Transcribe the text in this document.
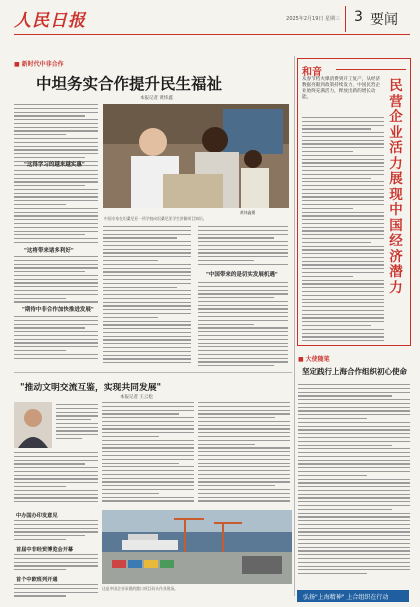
人民日报	2025年2月19日 星期三 3 要闻
■ 新时代中非合作
中坦务实合作提升民生福祉
本报记者 黄炜鑫
"这得学习的越来越实惠"
"这将带来诸多利好"
"期待中非合作加快推进发展"
黄炜鑫摄
中国专家在坦桑尼亚一所学校向坦桑尼亚学生讲解项目知识。
"中国带来的是切实发展机遇"
和音
从春节档火爆消费到开工复产，从经济数据亮眼到政策持续发力，中国民营企业始终充满活力，释放出新的增长动能。
民营企业活力展现中国经济潜力
■ 大使随笔
坚定践行上海合作组织初心使命
"推动文明交流互鉴，实现共同发展"
本报记者 王云松
中办国办印发意见
首届中非经贸博览会开幕
首个中欧班列开通
这是中国企业承建的港口项目码头作业现场。
弘扬"上海精神" 上合组织在行动
